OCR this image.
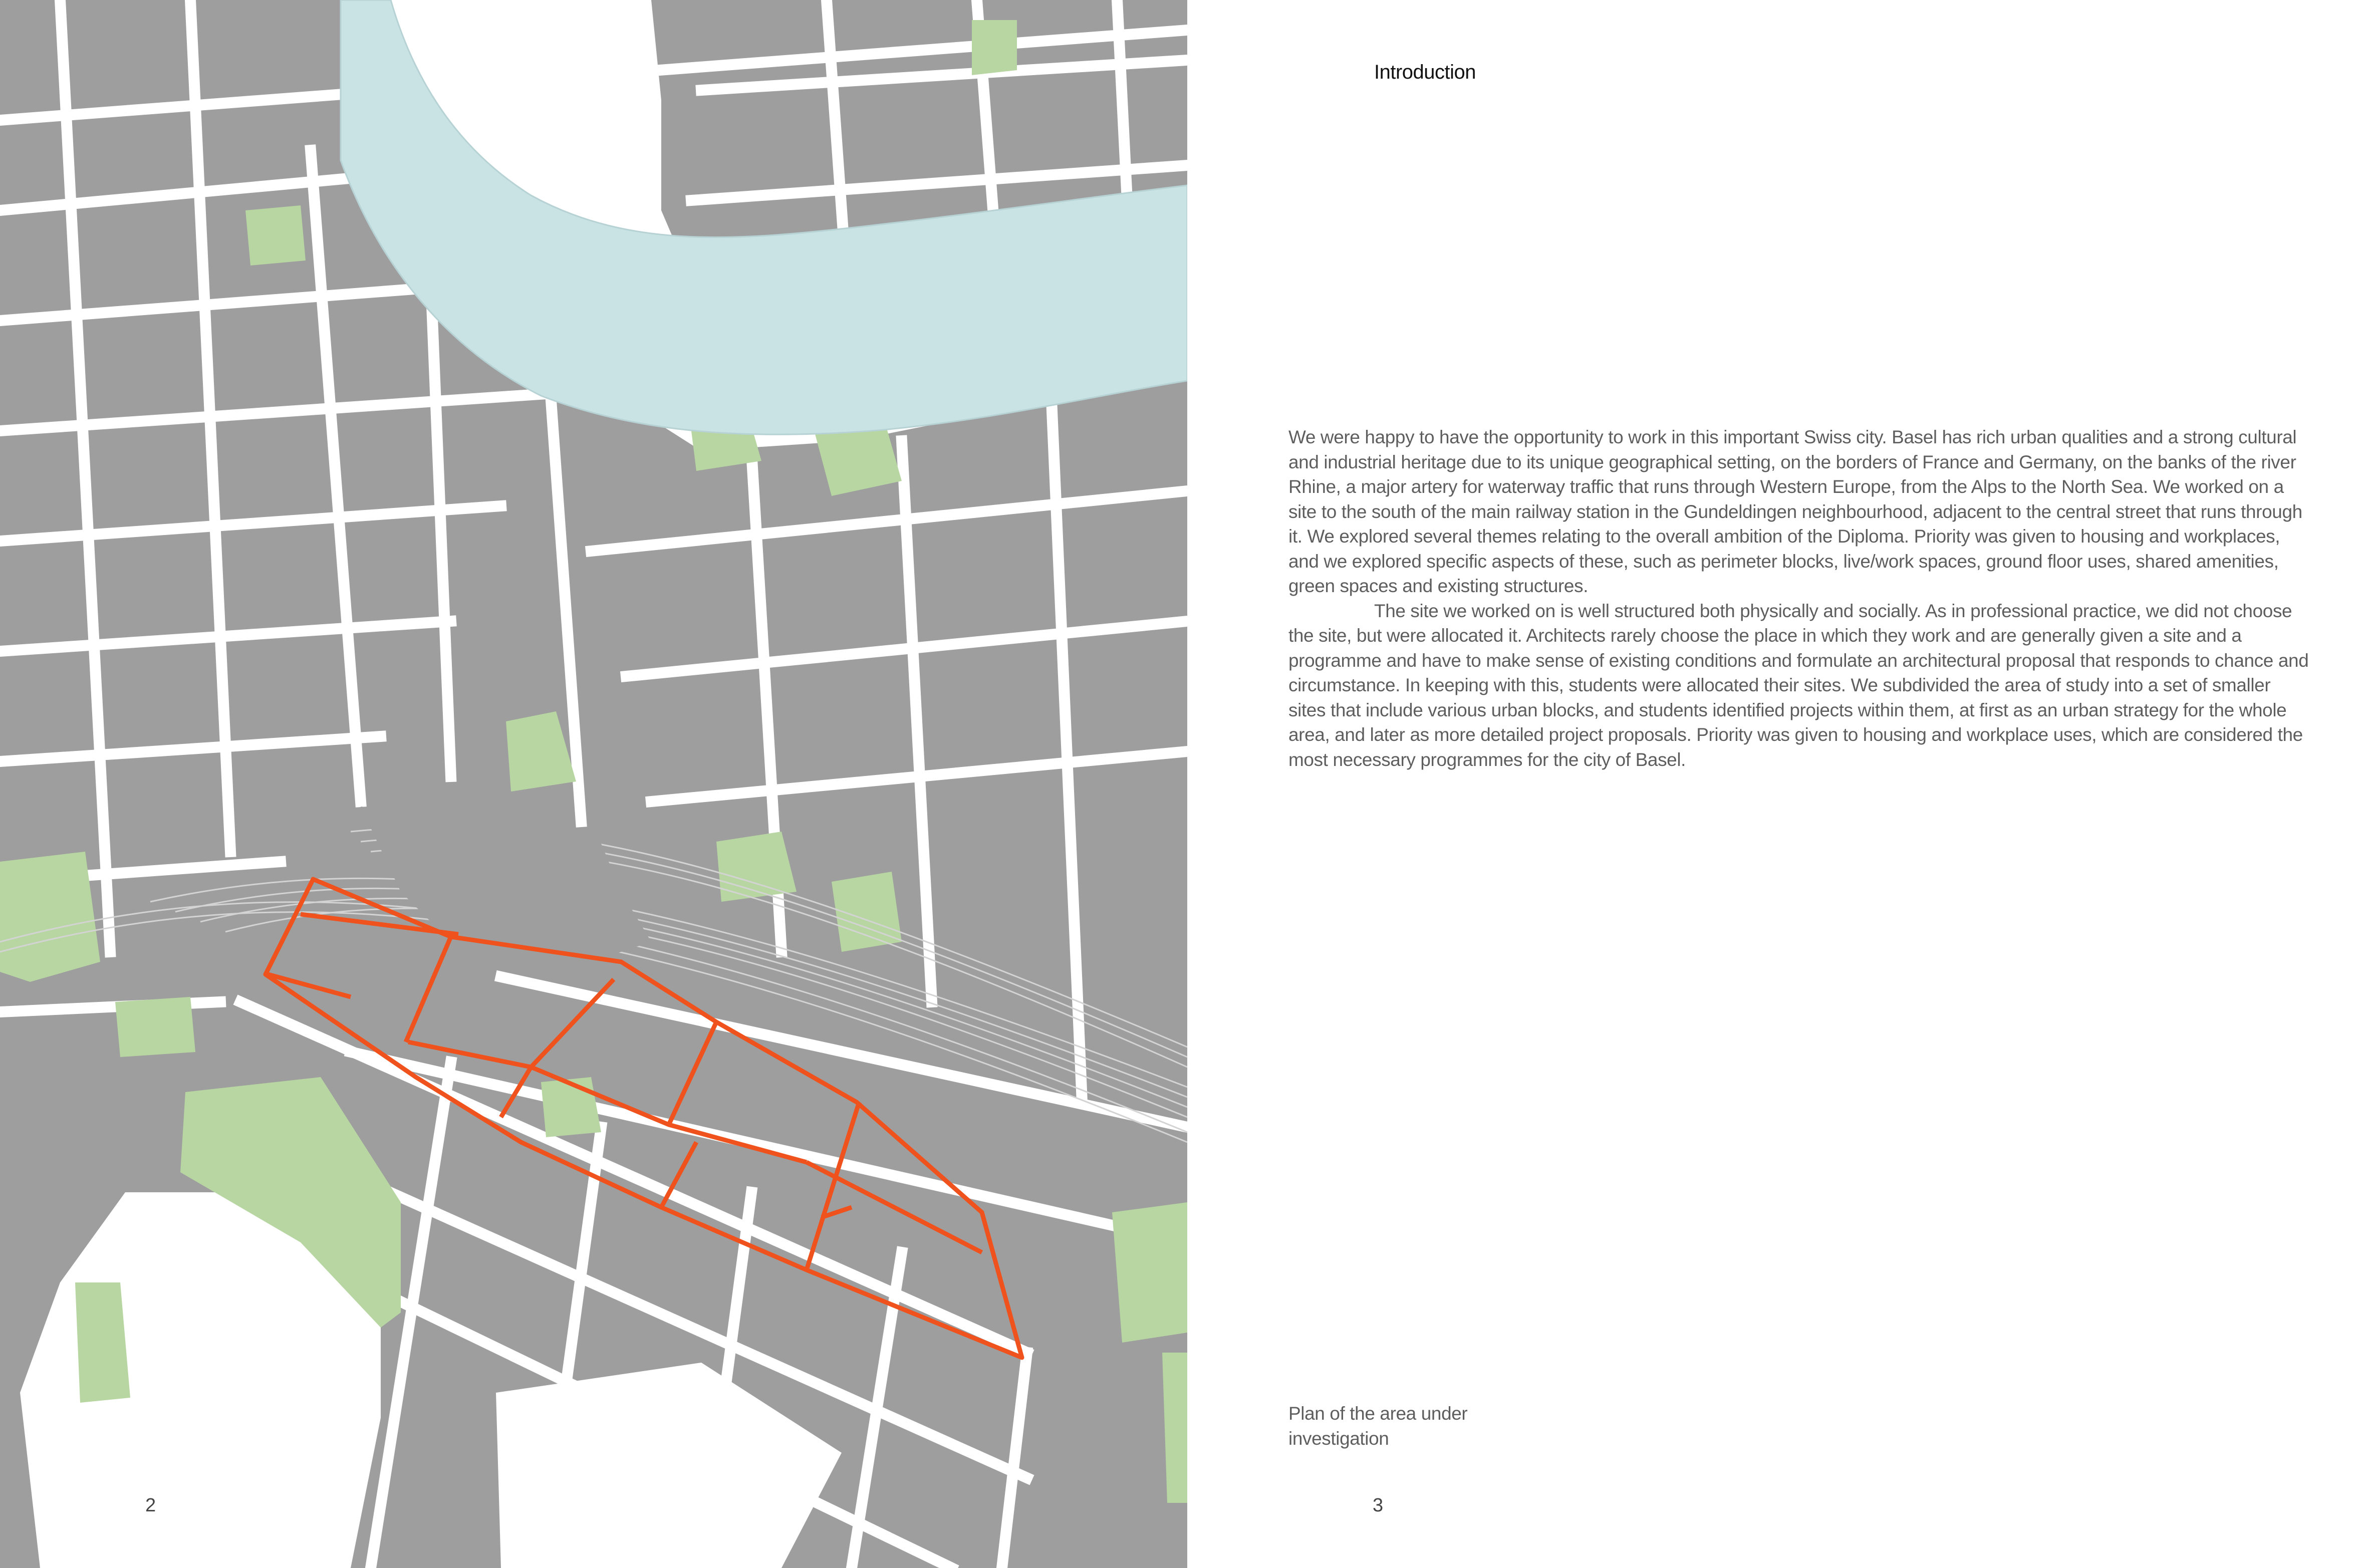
2
Introduction

We were happy to have the opportunity to work in this important Swiss city. Basel has rich urban qualities and a strong cultural and industrial heritage due to its unique geographical setting, on the borders of France and Germany, on the banks of the river Rhine, a major artery for waterway traffic that runs through Western Europe, from the Alps to the North Sea. We worked on a site to the south of the main railway station in the Gundeldingen neighbourhood, adjacent to the central street that runs through it. We explored several themes relating to the overall ambition of the Diploma. Priority was given to housing and workplaces, and we explored specific aspects of these, such as perimeter blocks, live/work spaces, ground floor uses, shared amenities, green spaces and existing structures.

The site we worked on is well structured both physically and socially. As in professional practice, we did not choose the site, but were allocated it. Architects rarely choose the place in which they work and are generally given a site and a programme and have to make sense of existing conditions and formulate an architectural proposal that responds to chance and circumstance. In keeping with this, students were allocated their sites. We subdivided the area of study into a set of smaller sites that include various urban blocks, and students identified projects within them, at first as an urban strategy for the whole area, and later as more detailed project proposals. Priority was given to housing and workplace uses, which are considered the most necessary programmes for the city of Basel.

Plan of the area under investigation
3
